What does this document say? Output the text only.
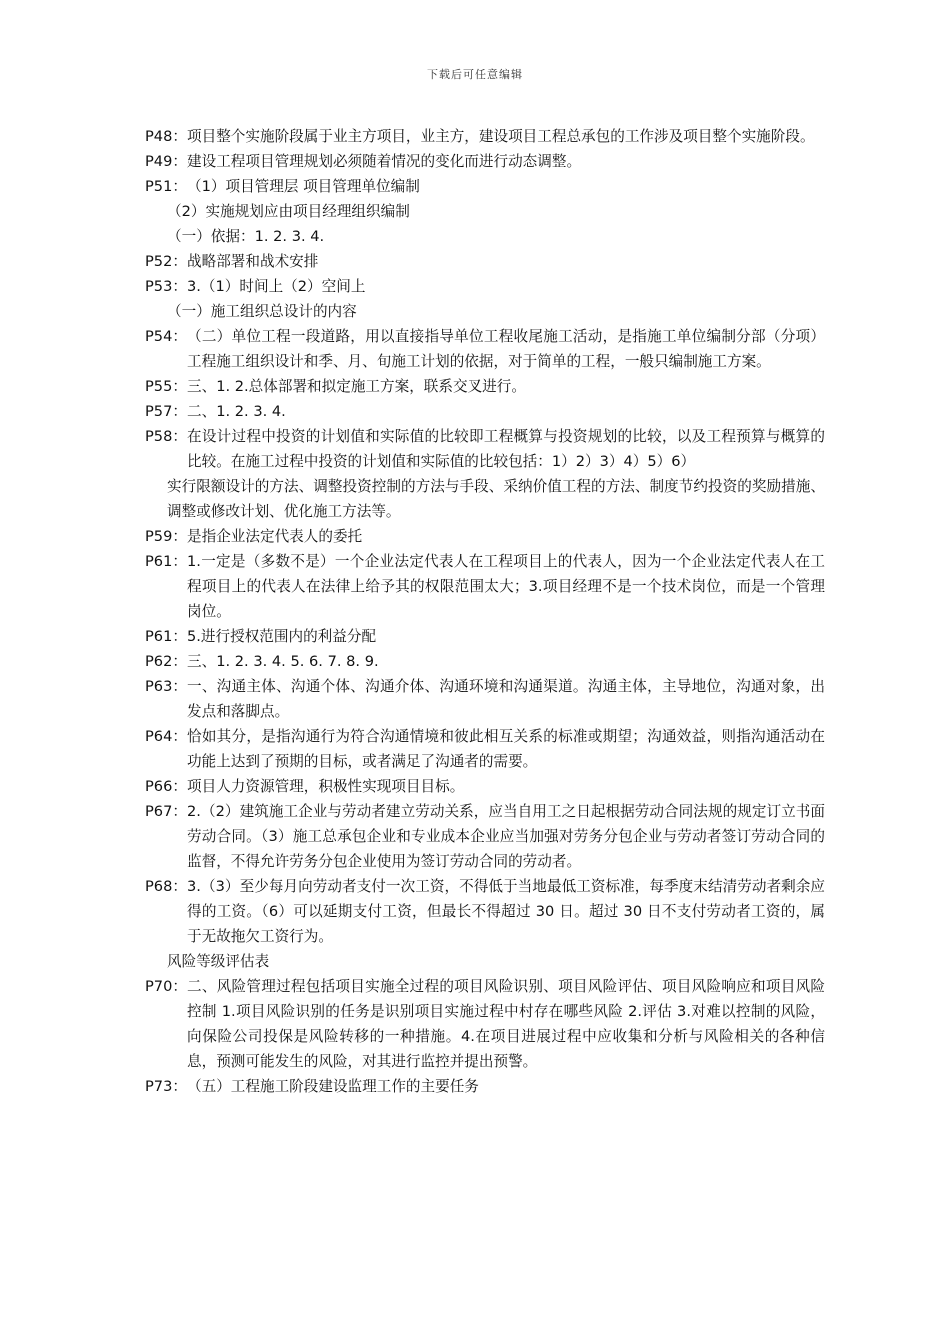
下载后可任意编辑
P48： 项目整个实施阶段属于业主方项目，业主方，建设项目工程总承包的工作涉及项目整个实施阶段。
P49： 建设工程项目管理规划必须随着情况的变化而进行动态调整。
P51： （1）项目管理层 项目管理单位编制
（2）实施规划应由项目经理组织编制
（一）依据：1. 2. 3. 4.
P52： 战略部署和战术安排
P53： 3.（1）时间上（2）空间上
（一）施工组织总设计的内容
P54： （二）单位工程一段道路，用以直接指导单位工程收尾施工活动，是指施工单位编制分部（分项）工程施工组织设计和季、月、旬施工计划的依据，对于简单的工程，一般只编制施工方案。
P55： 三、1. 2.总体部署和拟定施工方案，联系交叉进行。
P57： 二、1. 2. 3. 4.
P58： 在设计过程中投资的计划值和实际值的比较即工程概算与投资规划的比较，以及工程预算与概算的比较。在施工过程中投资的计划值和实际值的比较包括：1）2）3）4）5）6）
实行限额设计的方法、调整投资控制的方法与手段、采纳价值工程的方法、制度节约投资的奖励措施、调整或修改计划、优化施工方法等。
P59： 是指企业法定代表人的委托
P61： 1.一定是（多数不是）一个企业法定代表人在工程项目上的代表人，因为一个企业法定代表人在工程项目上的代表人在法律上给予其的权限范围太大；3.项目经理不是一个技术岗位，而是一个管理岗位。
P61： 5.进行授权范围内的利益分配
P62： 三、1. 2. 3. 4. 5. 6. 7. 8. 9.
P63： 一、沟通主体、沟通个体、沟通介体、沟通环境和沟通渠道。沟通主体，主导地位，沟通对象，出发点和落脚点。
P64： 恰如其分，是指沟通行为符合沟通情境和彼此相互关系的标准或期望；沟通效益，则指沟通活动在功能上达到了预期的目标，或者满足了沟通者的需要。
P66： 项目人力资源管理，积极性实现项目目标。
P67： 2.（2）建筑施工企业与劳动者建立劳动关系，应当自用工之日起根据劳动合同法规的规定订立书面劳动合同。（3）施工总承包企业和专业成本企业应当加强对劳务分包企业与劳动者签订劳动合同的监督，不得允许劳务分包企业使用为签订劳动合同的劳动者。
P68： 3.（3）至少每月向劳动者支付一次工资，不得低于当地最低工资标准，每季度末结清劳动者剩余应得的工资。（6）可以延期支付工资，但最长不得超过 30 日。超过 30 日不支付劳动者工资的，属于无故拖欠工资行为。
风险等级评估表
P70： 二、风险管理过程包括项目实施全过程的项目风险识别、项目风险评估、项目风险响应和项目风险控制 1.项目风险识别的任务是识别项目实施过程中村存在哪些风险 2.评估 3.对难以控制的风险，向保险公司投保是风险转移的一种措施。4.在项目进展过程中应收集和分析与风险相关的各种信息，预测可能发生的风险，对其进行监控并提出预警。
P73： （五）工程施工阶段建设监理工作的主要任务
